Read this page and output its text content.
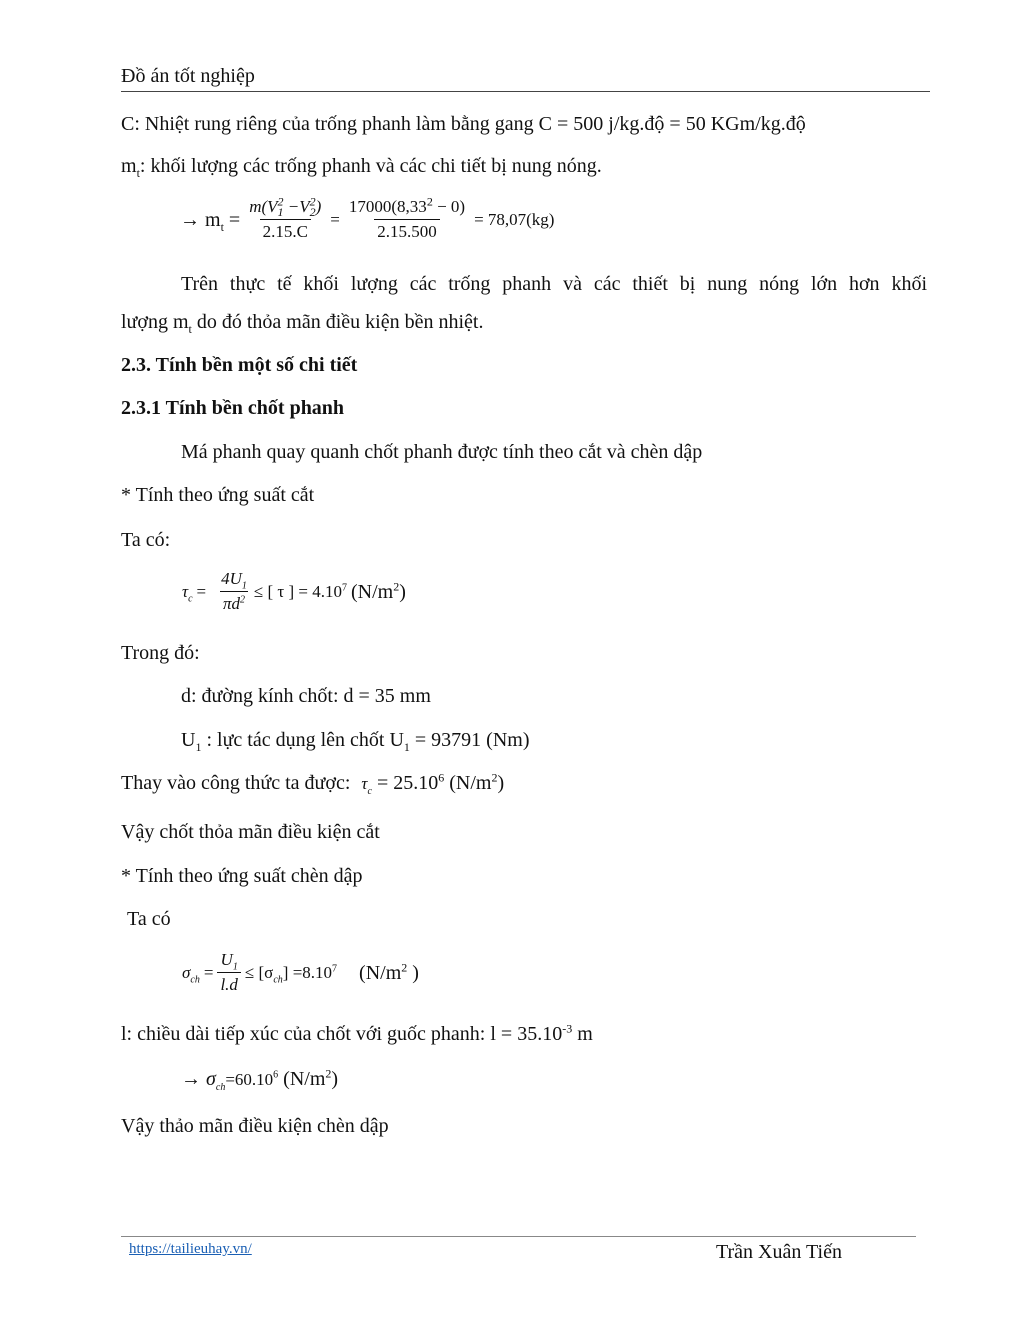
Đồ án tốt nghiệp
C: Nhiệt rung riêng của trống phanh làm bằng gang C = 500 j/kg.độ = 50 KGm/kg.độ
$m_t$: khối lượng các trống phanh và các chi tiết bị nung nóng.
→ $m_t = \frac{m(V^2_1 -V^2_2)}{2.15.C} = \frac{17000(8,33^2 - 0)}{2.15.500} = 78,07(kg)$
Trên thực tế khối lượng các trống phanh và các thiết bị nung nóng lớn hơn khối
lượng $m_t$ do đó thỏa mãn điều kiện bền nhiệt.
2.3. Tính bền một số chi tiết
2.3.1 Tính bền chốt phanh
Má phanh quay quanh chốt phanh được tính theo cắt và chèn dập
* Tính theo ứng suất cắt
Ta có:
$\tau_c = \frac{4U_1}{\pi d^2}$ ≤ [ τ ] = $4.10^7$ $(N/m^2)$
Trong đó:
d: đường kính chốt: d = 35 mm
$U_1$ : lực tác dụng lên chốt $U_1 = 93791$ (Nm)
Thay vào công thức ta được: $\tau_c = 25.10^6$ $(N/m^2)$
Vậy chốt thỏa mãn điều kiện cắt
* Tính theo ứng suất chèn dập
Ta có
$\sigma_{ch} = \frac{U_1}{l.d} \le [\sigma_{ch}] =8.10^7$ ($N/m^2$ )
l: chiều dài tiếp xúc của chốt với guốc phanh: $l = 35.10^{-3}$ m
→ $\sigma_{ch}=60.10^6$ $(N/m^2)$
Vậy thảo mãn điều kiện chèn dập
https://tailieuhay.vn/	Trần Xuân Tiến
